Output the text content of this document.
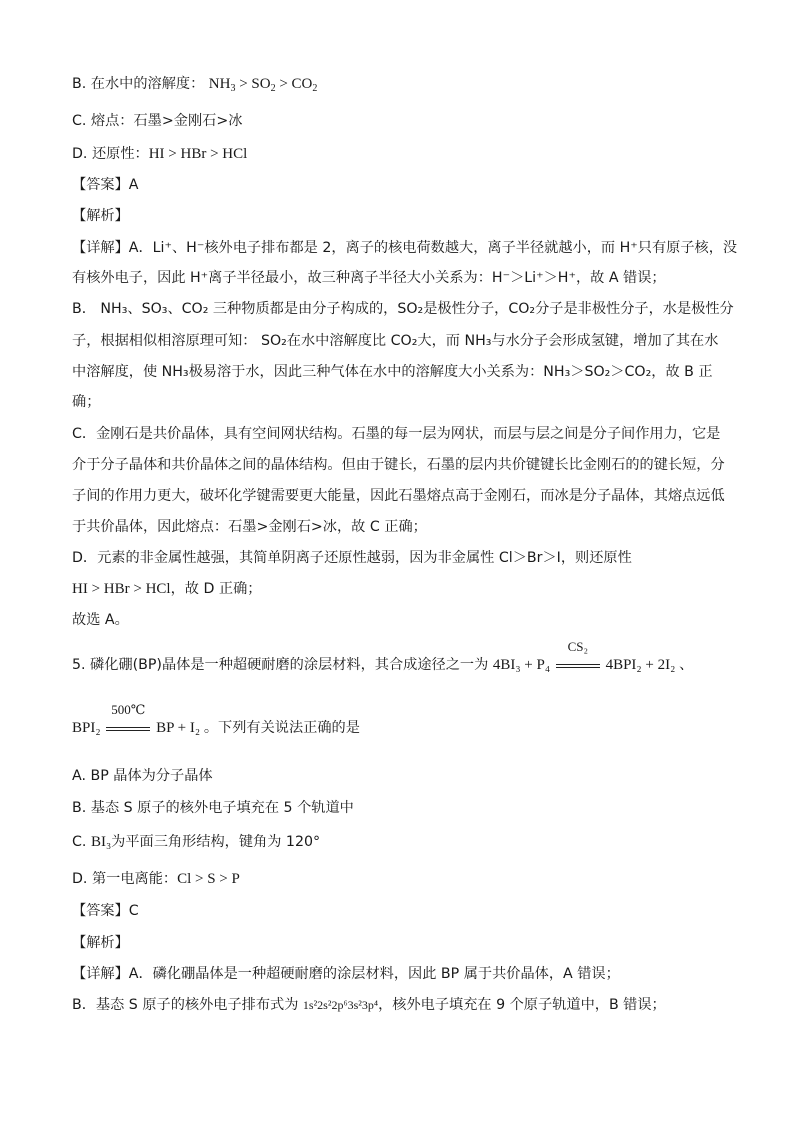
B. 在水中的溶解度： $NH_3 > SO_2 > CO_2$
C. 熔点：石墨>金刚石>冰
D. 还原性：HI > HBr > HCl
【答案】A
【解析】
【详解】A．Li⁺、H⁻核外电子排布都是 2，离子的核电荷数越大，离子半径就越小，而 H⁺只有原子核，没
有核外电子，因此 H⁺离子半径最小，故三种离子半径大小关系为：H⁻＞Li⁺＞H⁺，故 A 错误；
B． NH₃、SO₃、CO₂ 三种物质都是由分子构成的，SO₂是极性分子，CO₂分子是非极性分子，水是极性分
子，根据相似相溶原理可知： SO₂在水中溶解度比 CO₂大，而 NH₃与水分子会形成氢键，增加了其在水
中溶解度，使 NH₃极易溶于水，因此三种气体在水中的溶解度大小关系为：NH₃＞SO₂＞CO₂，故 B 正
确；
C．金刚石是共价晶体，具有空间网状结构。石墨的每一层为网状，而层与层之间是分子间作用力，它是
介于分子晶体和共价晶体之间的晶体结构。但由于键长，石墨的层内共价键键长比金刚石的的键长短，分
子间的作用力更大，破坏化学键需要更大能量，因此石墨熔点高于金刚石，而冰是分子晶体，其熔点远低
于共价晶体，因此熔点：石墨>金刚石>冰，故 C 正确；
D．元素的非金属性越强，其简单阴离子还原性越弱，因为非金属性 Cl＞Br＞I，则还原性
HI > HBr > HCl，故 D 正确；
故选 A。
5. 磷化硼(BP)晶体是一种超硬耐磨的涂层材料，其合成途径之一为 4BI₃ + P₄
CS₂
4BPI₂ + 2I₂ 、
BPI₂
500℃
BP + I₂ 。下列有关说法正确的是
A. BP 晶体为分子晶体
B. 基态 S 原子的核外电子填充在 5 个轨道中
C. BI₃为平面三角形结构，键角为 120°
D. 第一电离能：Cl > S > P
【答案】C
【解析】
【详解】A．磷化硼晶体是一种超硬耐磨的涂层材料，因此 BP 属于共价晶体，A 错误；
B．基态 S 原子的核外电子排布式为 1s²2s²2p⁶3s²3p⁴，核外电子填充在 9 个原子轨道中，B 错误；
